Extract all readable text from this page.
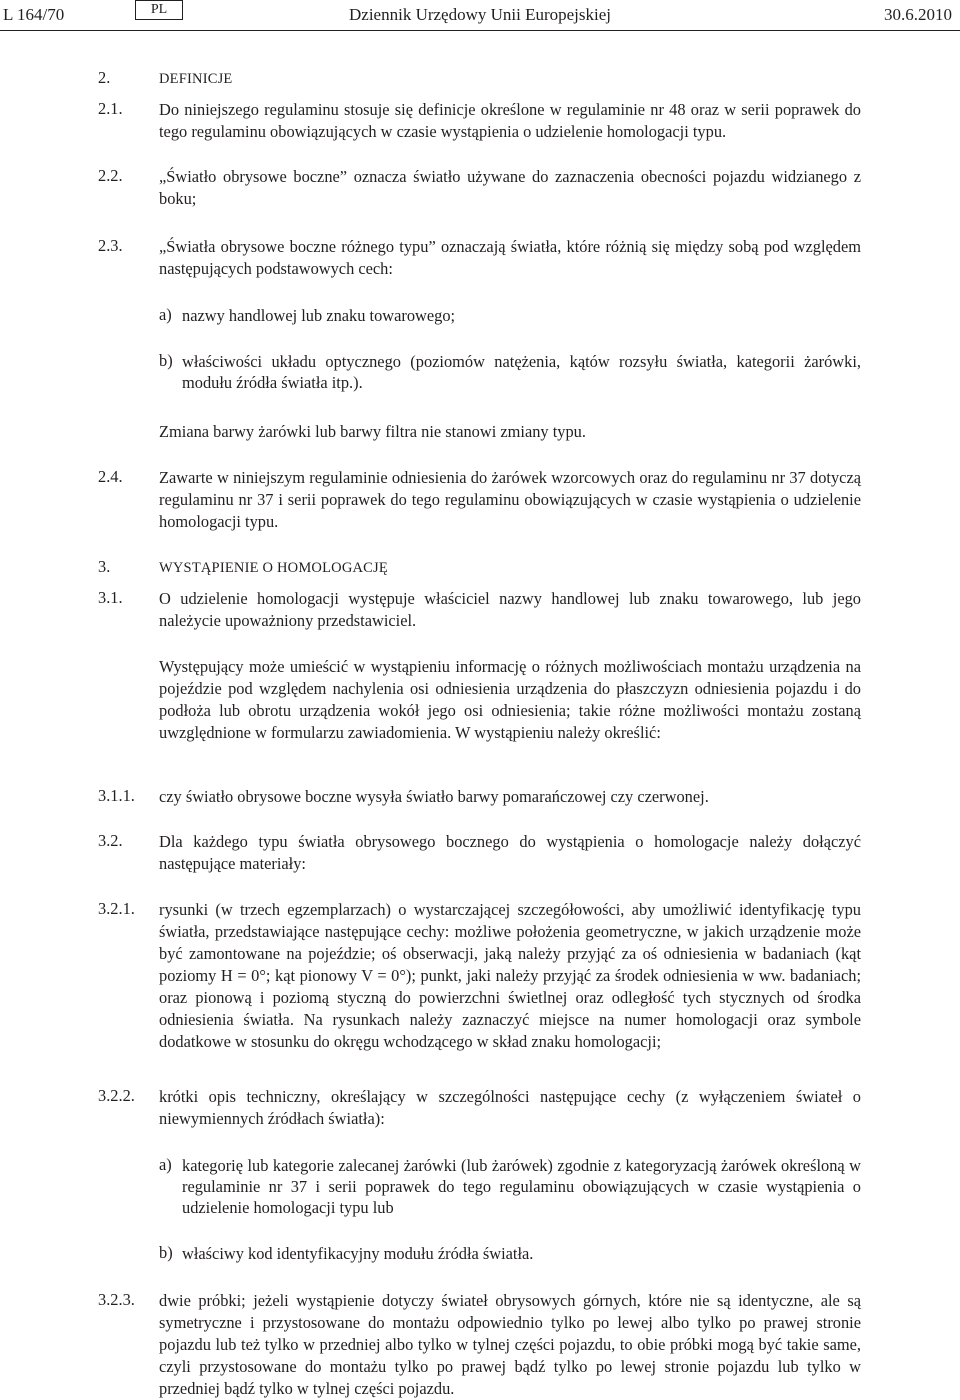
L 164/70	PL	Dziennik Urzędowy Unii Europejskiej	30.6.2010
2.	DEFINICJE
2.1. Do niniejszego regulaminu stosuje się definicje określone w regulaminie nr 48 oraz w serii poprawek do tego regulaminu obowiązujących w czasie wystąpienia o udzielenie homologacji typu.
2.2. „Światło obrysowe boczne” oznacza światło używane do zaznaczenia obecności pojazdu widzianego z boku;
2.3. „Światła obrysowe boczne różnego typu” oznaczają światła, które różnią się między sobą pod względem następujących podstawowych cech:
a) nazwy handlowej lub znaku towarowego;
b) właściwości układu optycznego (poziomów natężenia, kątów rozsyłu światła, kategorii żarówki, modułu źródła światła itp.).
Zmiana barwy żarówki lub barwy filtra nie stanowi zmiany typu.
2.4. Zawarte w niniejszym regulaminie odniesienia do żarówek wzorcowych oraz do regulaminu nr 37 dotyczą regulaminu nr 37 i serii poprawek do tego regulaminu obowiązujących w czasie wystąpienia o udzielenie homologacji typu.
3.	WYSTĄPIENIE O HOMOLOGACJĘ
3.1. O udzielenie homologacji występuje właściciel nazwy handlowej lub znaku towarowego, lub jego należycie upoważniony przedstawiciel.
Występujący może umieścić w wystąpieniu informację o różnych możliwościach montażu urządzenia na pojeździe pod względem nachylenia osi odniesienia urządzenia do płaszczyzn odniesienia pojazdu i do podłoża lub obrotu urządzenia wokół jego osi odniesienia; takie różne możliwości montażu zostaną uwzględnione w formularzu zawiadomienia. W wystąpieniu należy określić:
3.1.1. czy światło obrysowe boczne wysyła światło barwy pomarańczowej czy czerwonej.
3.2. Dla każdego typu światła obrysowego bocznego do wystąpienia o homologacje należy dołączyć następujące materiały:
3.2.1. rysunki (w trzech egzemplarzach) o wystarczającej szczegółowości, aby umożliwić identyfikację typu światła, przedstawiające następujące cechy: możliwe położenia geometryczne, w jakich urządzenie może być zamontowane na pojeździe; oś obserwacji, jaką należy przyjąć za oś odniesienia w badaniach (kąt poziomy H = 0°; kąt pionowy V = 0°); punkt, jaki należy przyjąć za środek odniesienia w ww. badaniach; oraz pionową i poziomą styczną do powierzchni świetlnej oraz odległość tych stycznych od środka odniesienia światła. Na rysunkach należy zaznaczyć miejsce na numer homologacji oraz symbole dodatkowe w stosunku do okręgu wchodzącego w skład znaku homologacji;
3.2.2. krótki opis techniczny, określający w szczególności następujące cechy (z wyłączeniem świateł o niewymiennych źródłach światła):
a) kategorię lub kategorie zalecanej żarówki (lub żarówek) zgodnie z kategoryzacją żarówek określoną w regulaminie nr 37 i serii poprawek do tego regulaminu obowiązujących w czasie wystąpienia o udzielenie homologacji typu lub
b) właściwy kod identyfikacyjny modułu źródła światła.
3.2.3. dwie próbki; jeżeli wystąpienie dotyczy świateł obrysowych górnych, które nie są identyczne, ale są symetryczne i przystosowane do montażu odpowiednio tylko po lewej albo tylko po prawej stronie pojazdu lub też tylko w przedniej albo tylko w tylnej części pojazdu, to obie próbki mogą być takie same, czyli przystosowane do montażu tylko po prawej bądź tylko po lewej stronie pojazdu lub tylko w przedniej bądź tylko w tylnej części pojazdu.
